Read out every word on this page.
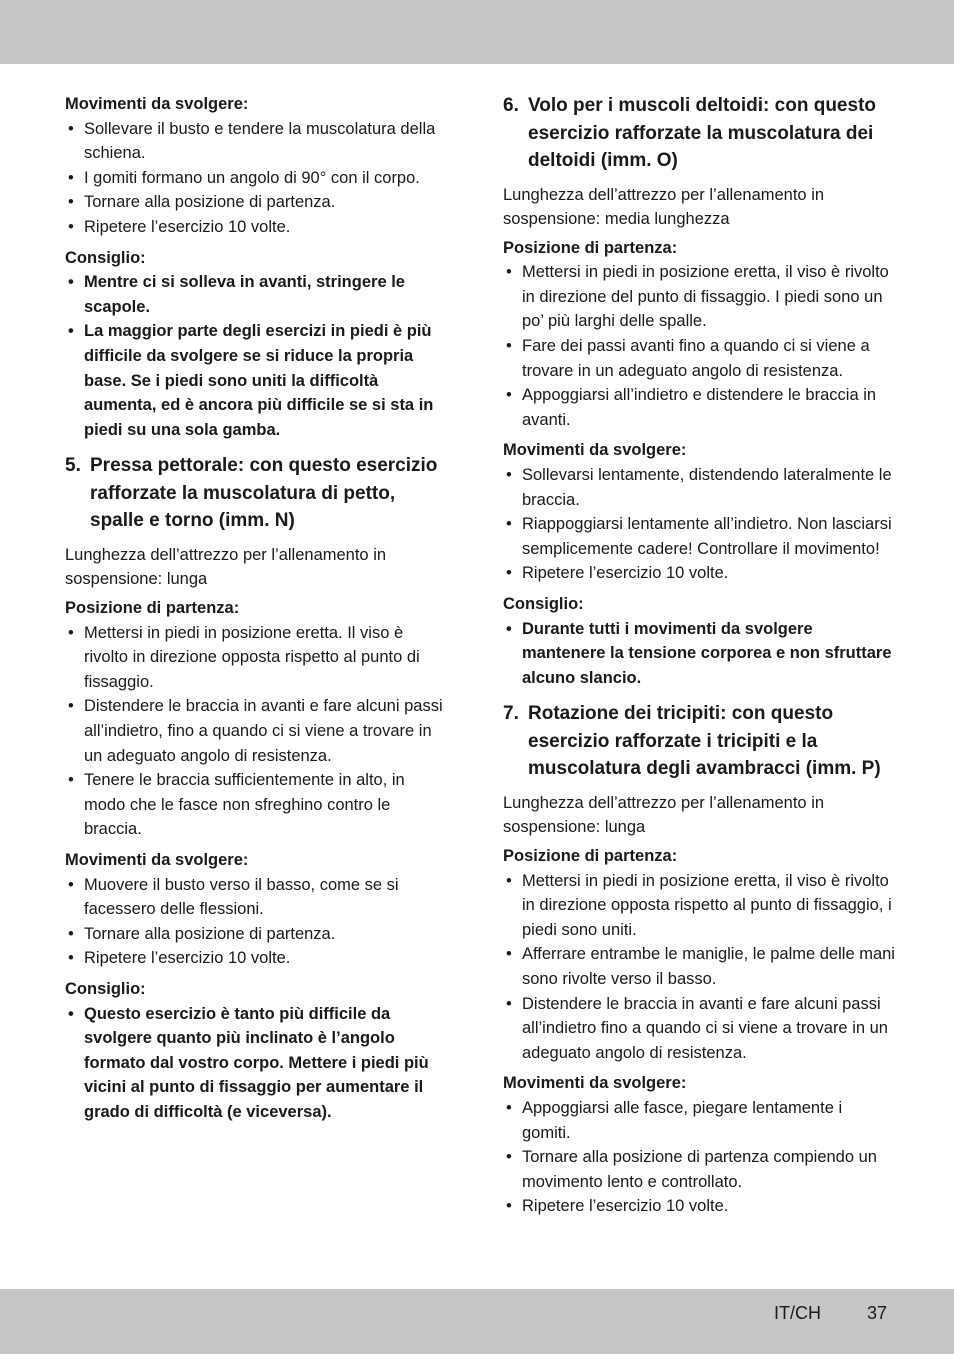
Movimenti da svolgere:

• Sollevare il busto e tendere la muscolatura della schiena.
• I gomiti formano un angolo di 90° con il corpo.
• Tornare alla posizione di partenza.
• Ripetere l’esercizio 10 volte.

Consiglio:

• Mentre ci si solleva in avanti, stringere le scapole.
• La maggior parte degli esercizi in piedi è più difficile da svolgere se si riduce la propria base. Se i piedi sono uniti la difficoltà aumenta, ed è ancora più difficile se si sta in piedi su una sola gamba.
5. Pressa pettorale: con questo esercizio rafforzate la muscolatura di petto, spalle e torno (imm. N)

Lunghezza dell’attrezzo per l’allenamento in sospensione: lunga

Posizione di partenza:

• Mettersi in piedi in posizione eretta. Il viso è rivolto in direzione opposta rispetto al punto di fissaggio.
• Distendere le braccia in avanti e fare alcuni passi all’indietro, fino a quando ci si viene a trovare in un adeguato angolo di resistenza.
• Tenere le braccia sufficientemente in alto, in modo che le fasce non sfreghino contro le braccia.

Movimenti da svolgere:

• Muovere il busto verso il basso, come se si facessero delle flessioni.
• Tornare alla posizione di partenza.
• Ripetere l’esercizio 10 volte.

Consiglio:

• Questo esercizio è tanto più difficile da svolgere quanto più inclinato è l’angolo formato dal vostro corpo. Mettere i piedi più vicini al punto di fissaggio per aumentare il grado di difficoltà (e viceversa).
6. Volo per i muscoli deltoidi: con questo esercizio rafforzate la muscolatura dei deltoidi (imm. O)

Lunghezza dell’attrezzo per l’allenamento in sospensione: media lunghezza

Posizione di partenza:

• Mettersi in piedi in posizione eretta, il viso è rivolto in direzione del punto di fissaggio. I piedi sono un po’ più larghi delle spalle.
• Fare dei passi avanti fino a quando ci si viene a trovare in un adeguato angolo di resistenza.
• Appoggiarsi all’indietro e distendere le braccia in avanti.

Movimenti da svolgere:

• Sollevarsi lentamente, distendendo lateralmente le braccia.
• Riappoggiarsi lentamente all’indietro. Non lasciarsi semplicemente cadere! Controllare il movimento!
• Ripetere l’esercizio 10 volte.

Consiglio:

• Durante tutti i movimenti da svolgere mantenere la tensione corporea e non sfruttare alcuno slancio.
7. Rotazione dei tricipiti: con questo esercizio rafforzate i tricipiti e la muscolatura degli avambracci (imm. P)

Lunghezza dell’attrezzo per l’allenamento in sospensione: lunga

Posizione di partenza:

• Mettersi in piedi in posizione eretta, il viso è rivolto in direzione opposta rispetto al punto di fissaggio, i piedi sono uniti.
• Afferrare entrambe le maniglie, le palme delle mani sono rivolte verso il basso.
• Distendere le braccia in avanti e fare alcuni passi all’indietro fino a quando ci si viene a trovare in un adeguato angolo di resistenza.

Movimenti da svolgere:

• Appoggiarsi alle fasce, piegare lentamente i gomiti.
• Tornare alla posizione di partenza compiendo un movimento lento e controllato.
• Ripetere l’esercizio 10 volte.
IT/CH	37
